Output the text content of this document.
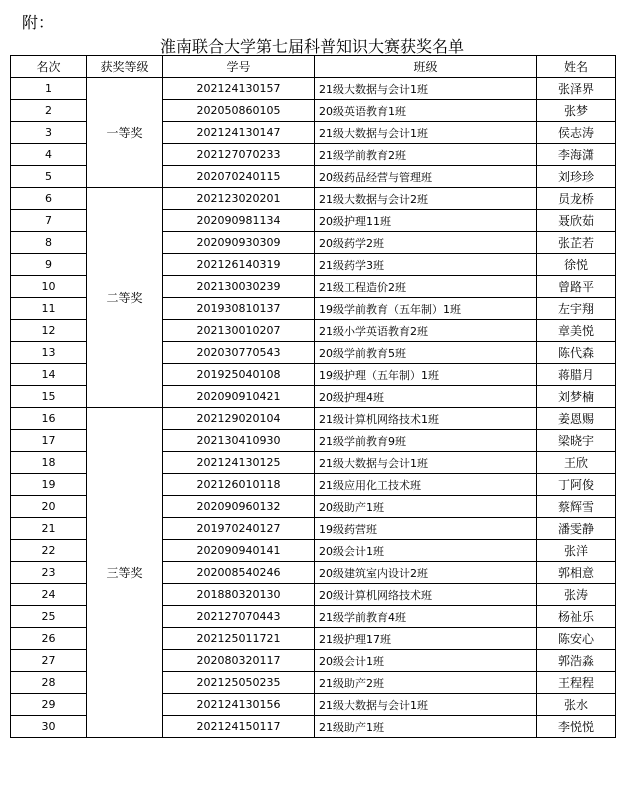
附：
淮南联合大学第七届科普知识大赛获奖名单
名次	获奖等级	学号	班级	姓名
1	一等奖	202124130157	21级大数据与会计1班	张泽界
2		202050860105	20级英语教育1班	张梦
3		202124130147	21级大数据与会计1班	侯志涛
4		202127070233	21级学前教育2班	李海潇
5		202070240115	20级药品经营与管理班	刘珍珍
6	二等奖	202123020201	21级大数据与会计2班	员龙桥
7		202090981134	20级护理11班	聂欣茹
8		202090930309	20级药学2班	张芷若
9		202126140319	21级药学3班	徐悦
10		202130030239	21级工程造价2班	曾路平
11		201930810137	19级学前教育（五年制）1班	左宇翔
12		202130010207	21级小学英语教育2班	章美悦
13		202030770543	20级学前教育5班	陈代森
14		201925040108	19级护理（五年制）1班	蒋腊月
15		202090910421	20级护理4班	刘梦楠
16	三等奖	202129020104	21级计算机网络技术1班	姜恩赐
17		202130410930	21级学前教育9班	梁晓宇
18		202124130125	21级大数据与会计1班	王欣
19		202126010118	21级应用化工技术班	丁阿俊
20		202090960132	20级助产1班	蔡辉雪
21		201970240127	19级药营班	潘雯静
22		202090940141	20级会计1班	张洋
23		202008540246	20级建筑室内设计2班	郭相意
24		201880320130	20级计算机网络技术班	张涛
25		202127070443	21级学前教育4班	杨祉乐
26		202125011721	21级护理17班	陈安心
27		202080320117	20级会计1班	郭浩淼
28		202125050235	21级助产2班	王程程
29		202124130156	21级大数据与会计1班	张水
30		202124150117	21级助产1班	李悦悦
